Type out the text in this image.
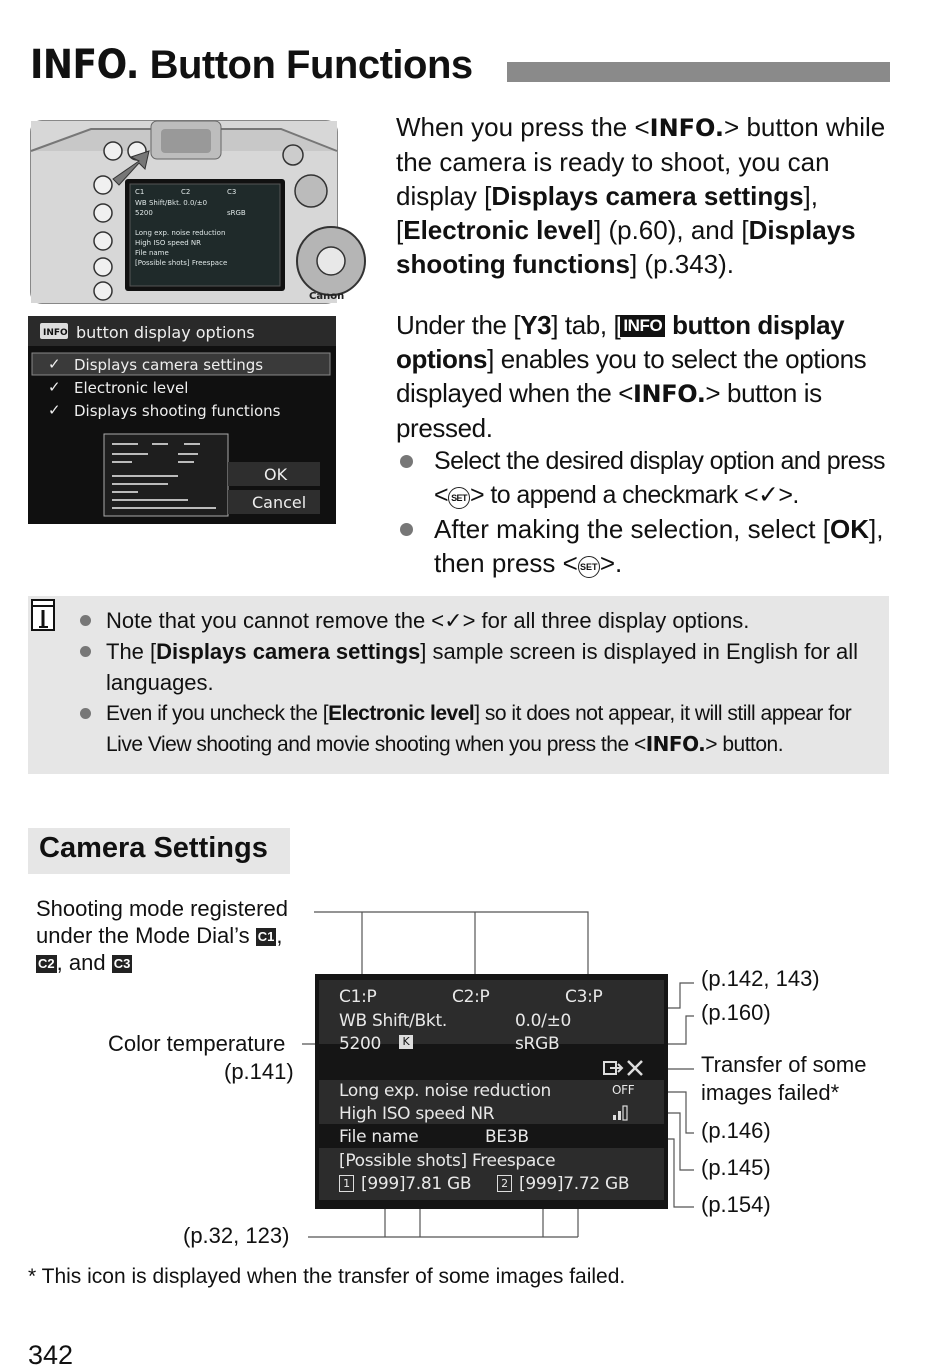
INFO. Button Functions
C1	C2	C3
WB Shift/Bkt. 0.0/±0
5200	sRGB
Long exp. noise reduction
High ISO speed NR
File name
[Possible shots] Freespace
Canon
INFO button display options
✓ Displays camera settings
✓ Electronic level
✓ Displays shooting functions
OK
Cancel
When you press the <INFO.> button while the camera is ready to shoot, you can display [Displays camera settings], [Electronic level] (p.60), and [Displays shooting functions] (p.343).
Under the [Y3] tab, [ INFO button display options] enables you to select the options displayed when the <INFO.> button is pressed.
Select the desired display option and press < SET > to append a checkmark <✓>.
After making the selection, select [OK], then press < SET>.
Note that you cannot remove the <✓> for all three display options.
The [Displays camera settings] sample screen is displayed in English for all languages.
Even if you uncheck the [Electronic level] so it does not appear, it will still appear for Live View shooting and movie shooting when you press the <INFO.> button.
Camera Settings
Shooting mode registered
under the Mode Dial’s C1,
C2, and C3
Color temperature
(p.141)
(p.142, 143)
(p.160)
Transfer of some
images failed*
(p.146)
(p.145)
(p.154)
(p.32, 123)
C1:P	C2:P	C3:P
WB Shift/Bkt.	0.0/±0
5200	K	sRGB
Long exp. noise reduction	OFF
High ISO speed NR
File name	BE3B
[Possible shots] Freespace
1 [999]7.81 GB	2 [999]7.72 GB
* This icon is displayed when the transfer of some images failed.
342
